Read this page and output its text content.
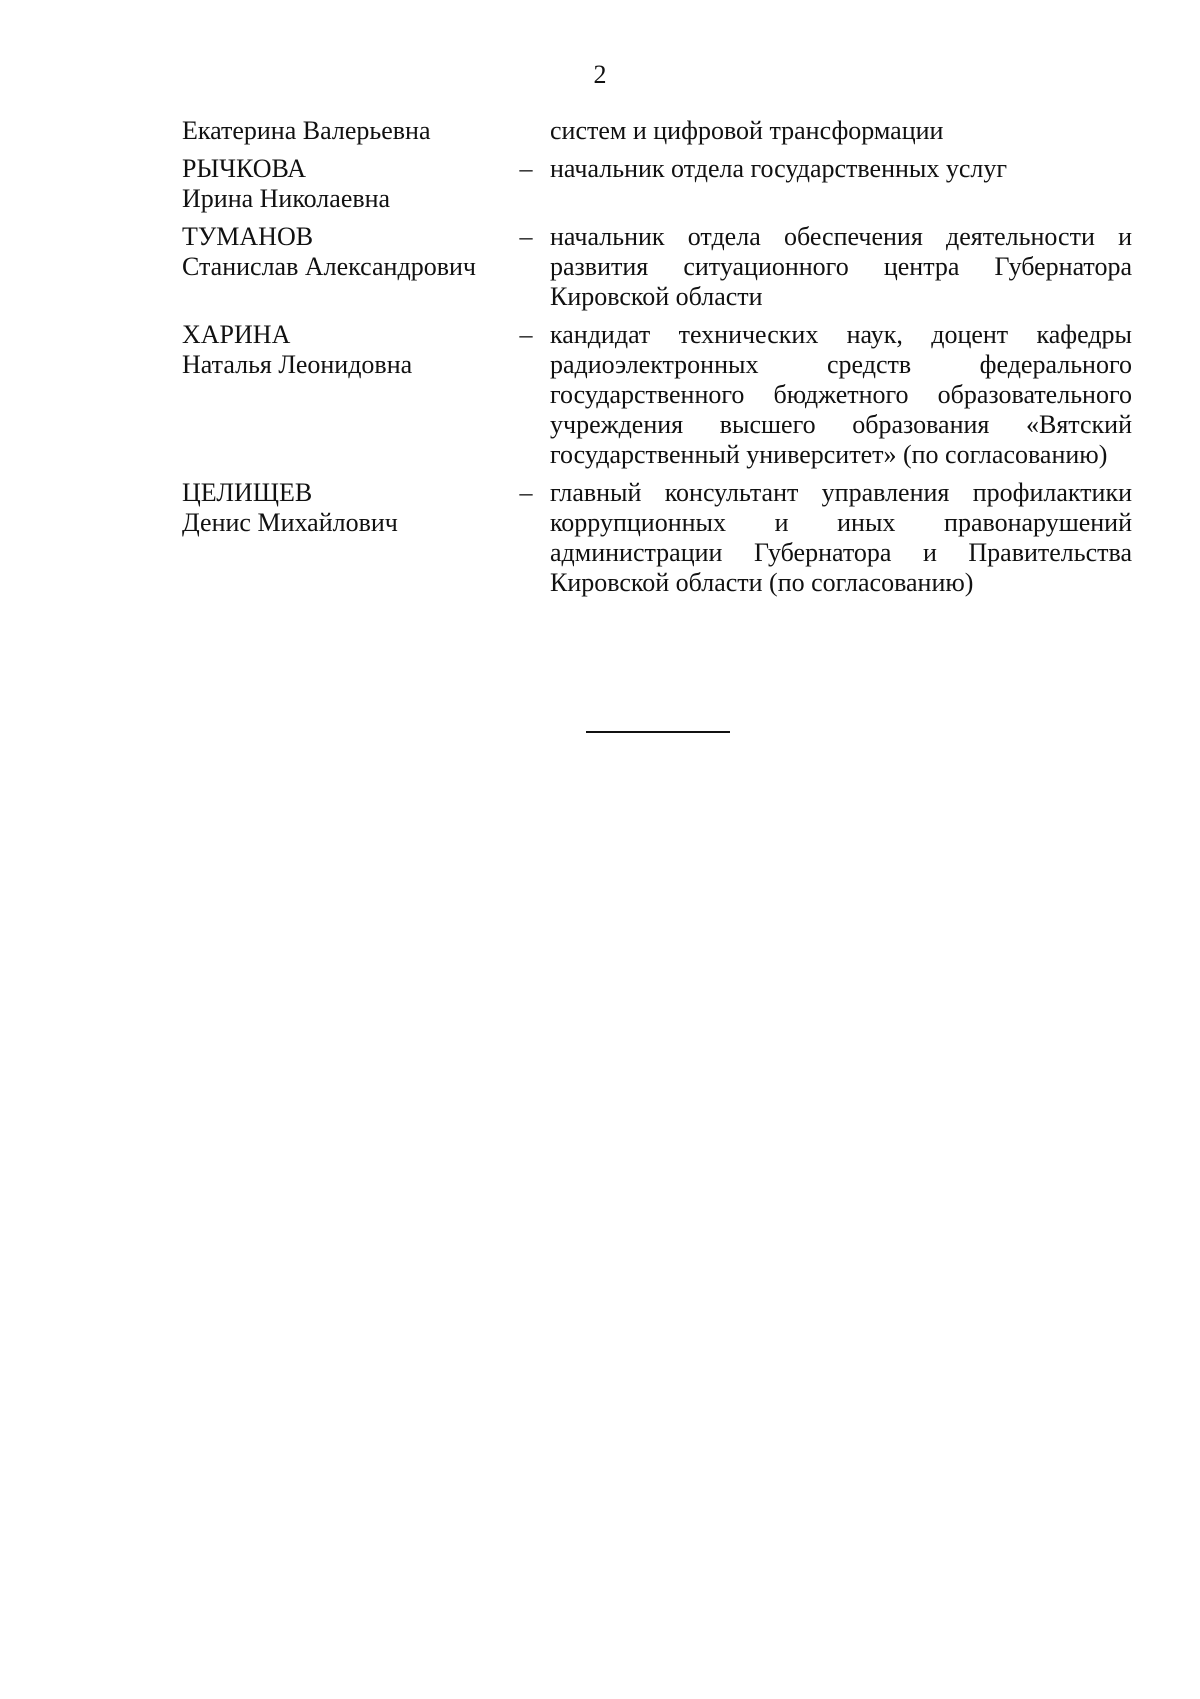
2
Екатерина Валерьевна	систем и цифровой трансформации
РЫЧКОВА
Ирина Николаевна
– начальник отдела государственных услуг
ТУМАНОВ
Станислав Александрович
– начальник отдела обеспечения деятельности и развития ситуационного центра Губернатора Кировской области
ХАРИНА
Наталья Леонидовна
– кандидат технических наук, доцент кафедры радиоэлектронных средств федерального государственного бюджетного образовательного учреждения высшего образования «Вятский государственный университет» (по согласованию)
ЦЕЛИЩЕВ
Денис Михайлович
– главный консультант управления профилактики коррупционных и иных правонарушений администрации Губернатора и Правительства Кировской области (по согласованию)
